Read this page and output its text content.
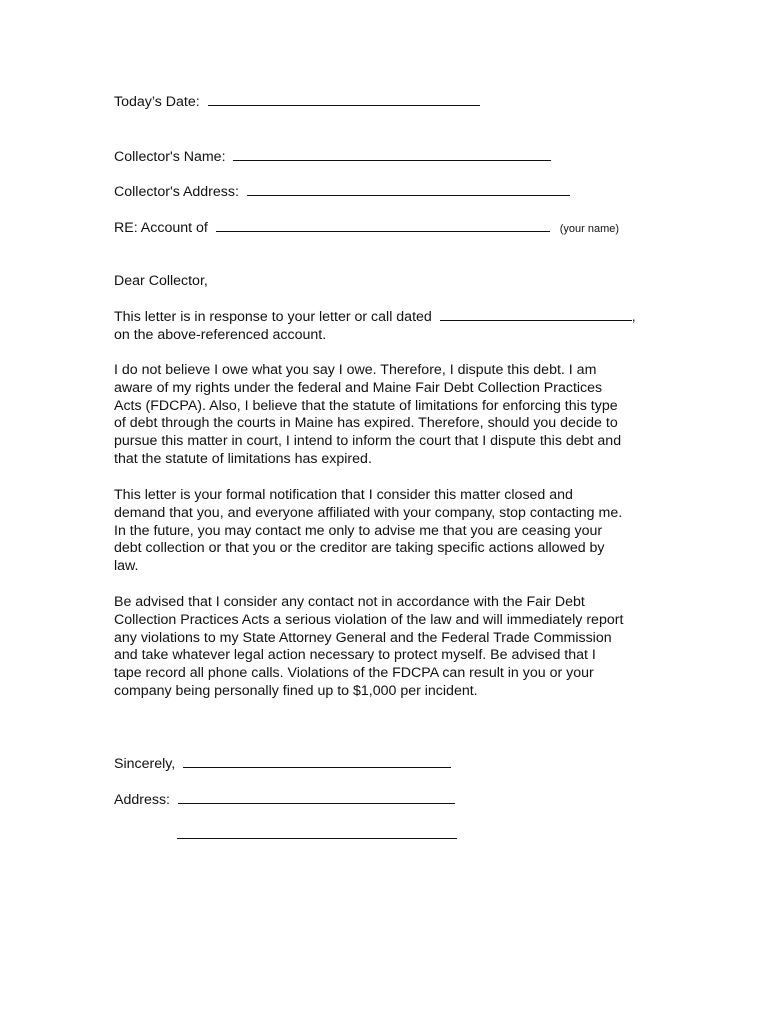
Today’s Date:
Collector's Name:
Collector's Address:
RE: Account of	(your name)
Dear Collector,
This letter is in response to your letter or call dated	,
on the above-referenced account.

I do not believe I owe what you say I owe. Therefore, I dispute this debt. I am

aware of my rights under the federal and Maine Fair Debt Collection Practices

Acts (FDCPA). Also, I believe that the statute of limitations for enforcing this type

of debt through the courts in Maine has expired. Therefore, should you decide to

pursue this matter in court, I intend to inform the court that I dispute this debt and

that the statute of limitations has expired.

This letter is your formal notification that I consider this matter closed and

demand that you, and everyone affiliated with your company, stop contacting me.

In the future, you may contact me only to advise me that you are ceasing your

debt collection or that you or the creditor are taking specific actions allowed by

law.

Be advised that I consider any contact not in accordance with the Fair Debt

Collection Practices Acts a serious violation of the law and will immediately report

any violations to my State Attorney General and the Federal Trade Commission

and take whatever legal action necessary to protect myself. Be advised that I

tape record all phone calls. Violations of the FDCPA can result in you or your

company being personally fined up to $1,000 per incident.

Sincerely,
Address:
